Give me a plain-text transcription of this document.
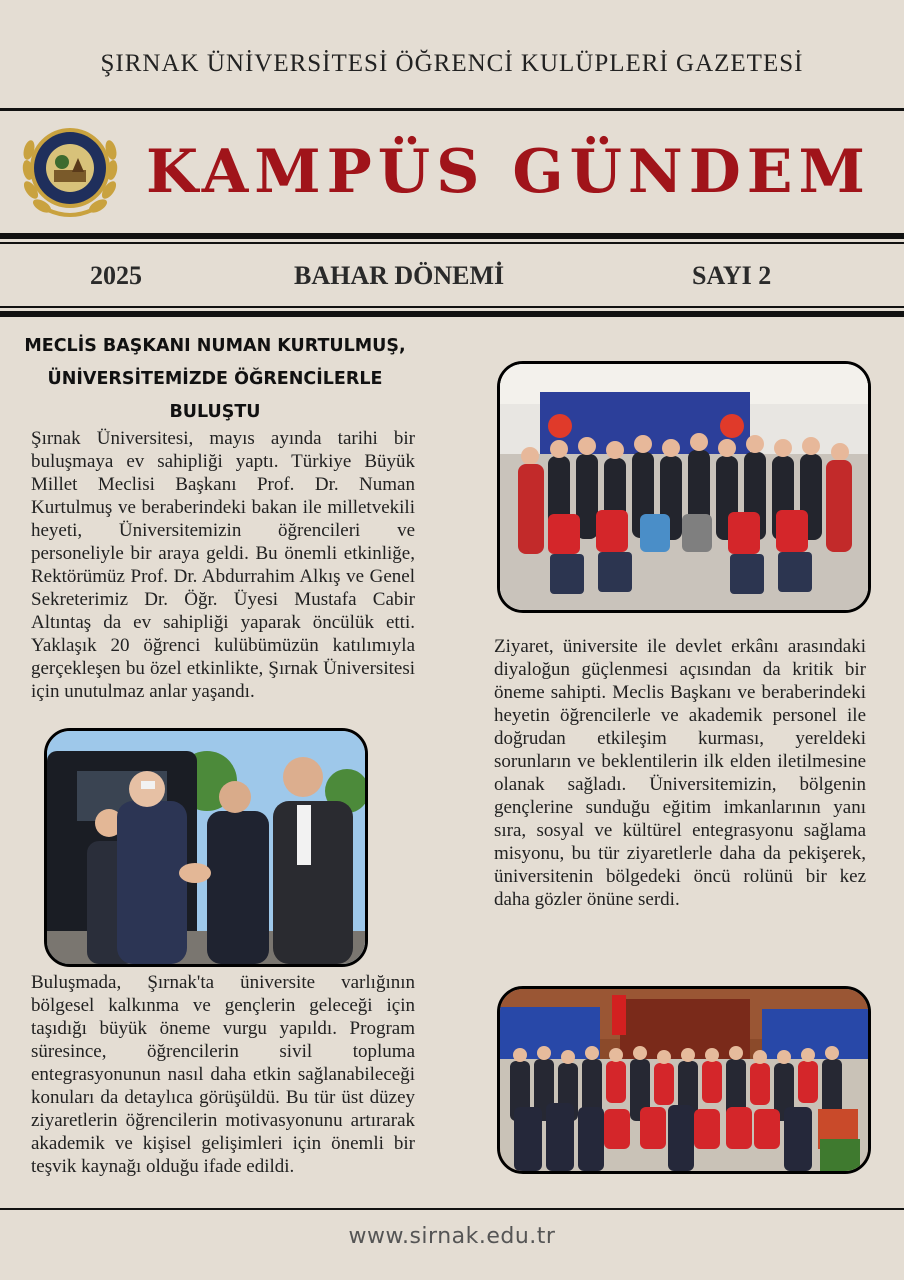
ŞIRNAK ÜNİVERSİTESİ ÖĞRENCİ KULÜPLERİ GAZETESİ
KAMPÜS GÜNDEM
2025	BAHAR DÖNEMİ	SAYI 2
MECLİS BAŞKANI NUMAN KURTULMUŞ, ÜNİVERSİTEMİZDE ÖĞRENCİLERLE BULUŞTU
Şırnak Üniversitesi, mayıs ayında tarihi bir buluşmaya ev sahipliği yaptı. Türkiye Büyük Millet Meclisi Başkanı Prof. Dr. Numan Kurtulmuş ve beraberindeki bakan ile milletvekili heyeti, Üniversitemizin öğrencileri ve personeliyle bir araya geldi. Bu önemli etkinliğe, Rektörümüz Prof. Dr. Abdurrahim Alkış ve Genel Sekreterimiz Dr. Öğr. Üyesi Mustafa Cabir Altıntaş da ev sahipliği yaparak öncülük etti. Yaklaşık 20 öğrenci kulübümüzün katılımıyla gerçekleşen bu özel etkinlikte, Şırnak Üniversitesi için unutulmaz anlar yaşandı.
Ziyaret, üniversite ile devlet erkânı arasındaki diyaloğun güçlenmesi açısından da kritik bir öneme sahipti. Meclis Başkanı ve beraberindeki heyetin öğrencilerle ve akademik personel ile doğrudan etkileşim kurması, yereldeki sorunların ve beklentilerin ilk elden iletilmesine olanak sağladı. Üniversitemizin, bölgenin gençlerine sunduğu eğitim imkanlarının yanı sıra, sosyal ve kültürel entegrasyonu sağlama misyonu, bu tür ziyaretlerle daha da pekişerek, üniversitenin bölgedeki öncü rolünü bir kez daha gözler önüne serdi.
Buluşmada, Şırnak'ta üniversite varlığının bölgesel kalkınma ve gençlerin geleceği için taşıdığı büyük öneme vurgu yapıldı. Program süresince, öğrencilerin sivil topluma entegrasyonunun nasıl daha etkin sağlanabileceği konuları da detaylıca görüşüldü. Bu tür üst düzey ziyaretlerin öğrencilerin motivasyonunu artırarak akademik ve kişisel gelişimleri için önemli bir teşvik kaynağı olduğu ifade edildi.
www.sirnak.edu.tr
